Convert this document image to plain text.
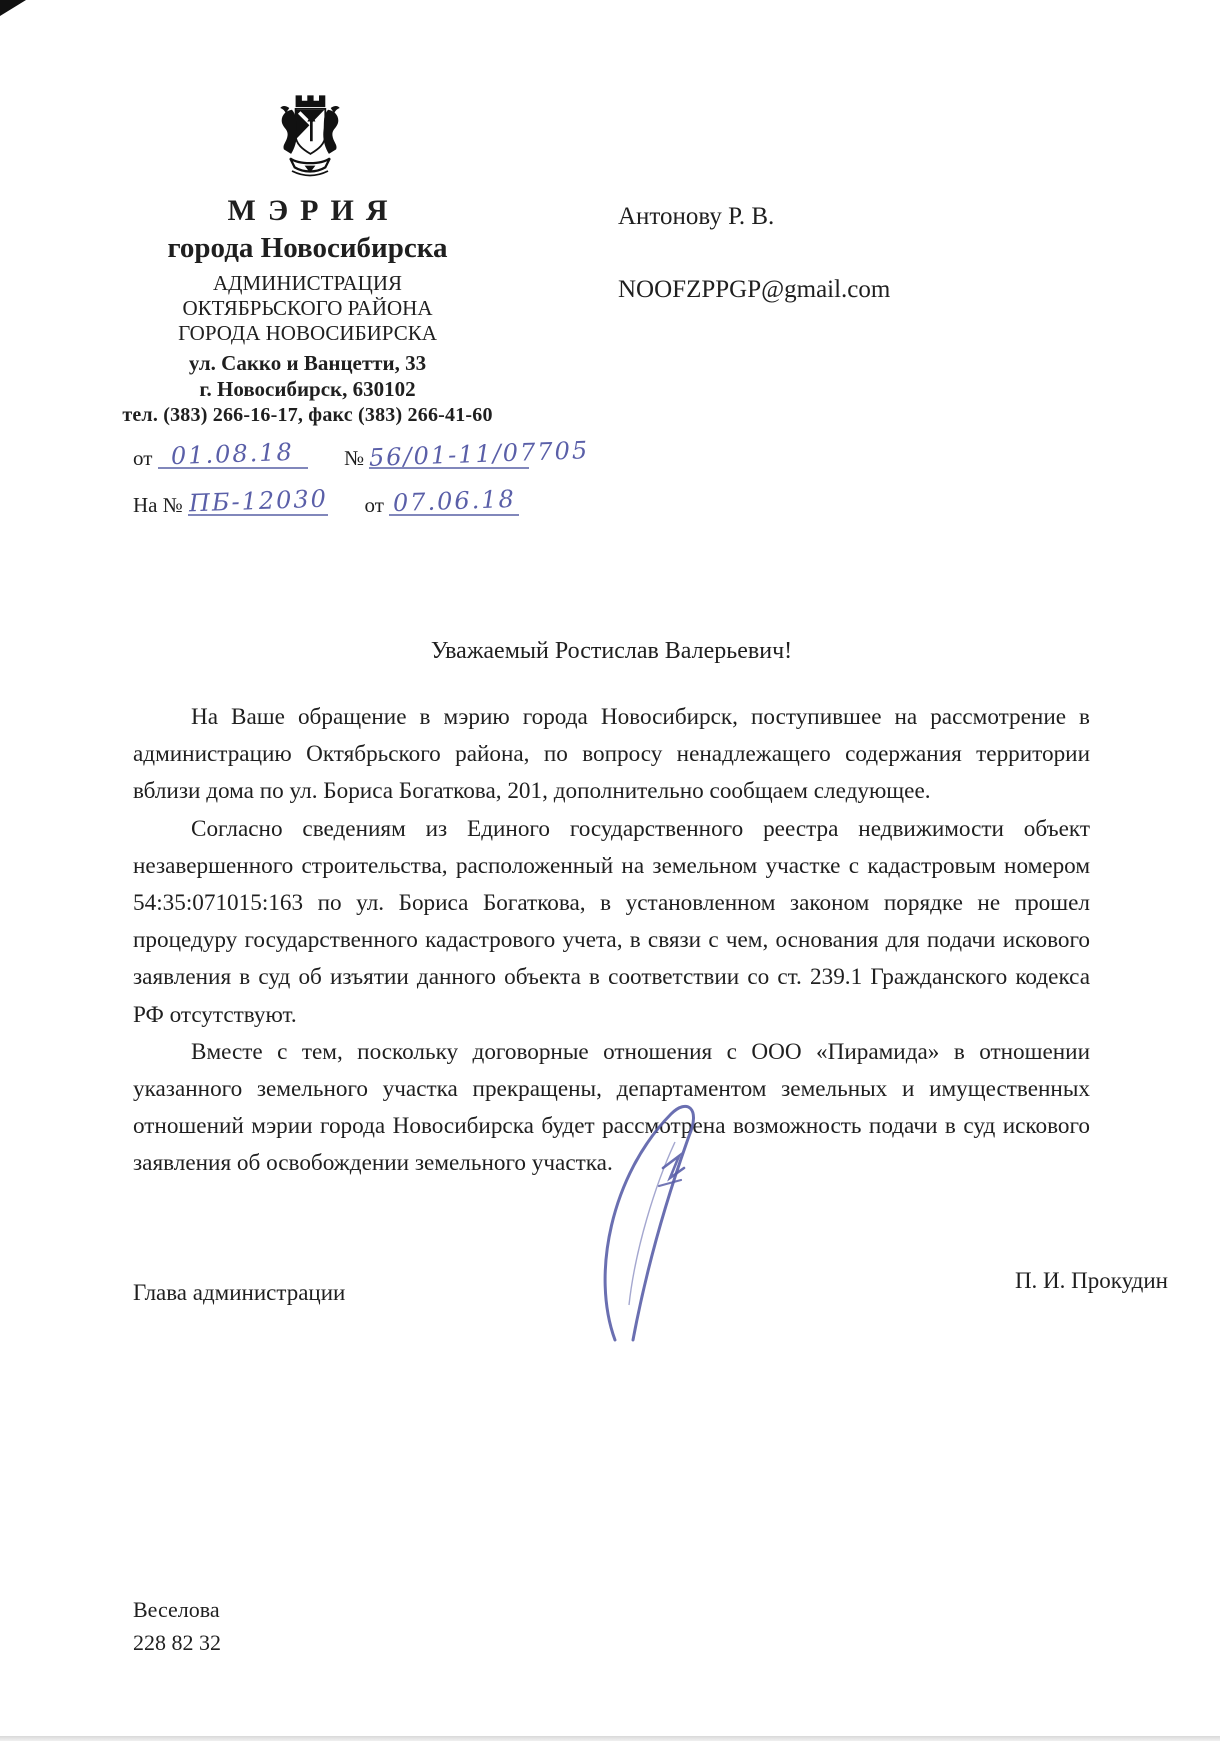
МЭРИЯ
города Новосибирска
АДМИНИСТРАЦИЯ
ОКТЯБРЬСКОГО РАЙОНА
ГОРОДА НОВОСИБИРСКА
ул. Сакко и Ванцетти, 33
г. Новосибирск, 630102
тел. (383) 266-16-17, факс (383) 266-41-60
от 01.08.18 № 56/01-11/07705
На № ПБ-12030 от 07.06.18
Антонову Р. В.
NOOFZPPGP@gmail.com
Уважаемый Ростислав Валерьевич!

На Ваше обращение в мэрию города Новосибирск, поступившее на рассмотрение в администрацию Октябрьского района, по вопросу ненадлежащего содержания территории вблизи дома по ул. Бориса Богаткова, 201, дополнительно сообщаем следующее.

Согласно сведениям из Единого государственного реестра недвижимости объект незавершенного строительства, расположенный на земельном участке с кадастровым номером 54:35:071015:163 по ул. Бориса Богаткова, в установленном законом порядке не прошел процедуру государственного кадастрового учета, в связи с чем, основания для подачи искового заявления в суд об изъятии данного объекта в соответствии со ст. 239.1 Гражданского кодекса РФ отсутствуют.

Вместе с тем, поскольку договорные отношения с ООО «Пирамида» в отношении указанного земельного участка прекращены, департаментом земельных и имущественных отношений мэрии города Новосибирска будет рассмотрена возможность подачи в суд искового заявления об освобождении земельного участка.

Глава администрации	П. И. Прокудин
Веселова
228 82 32
